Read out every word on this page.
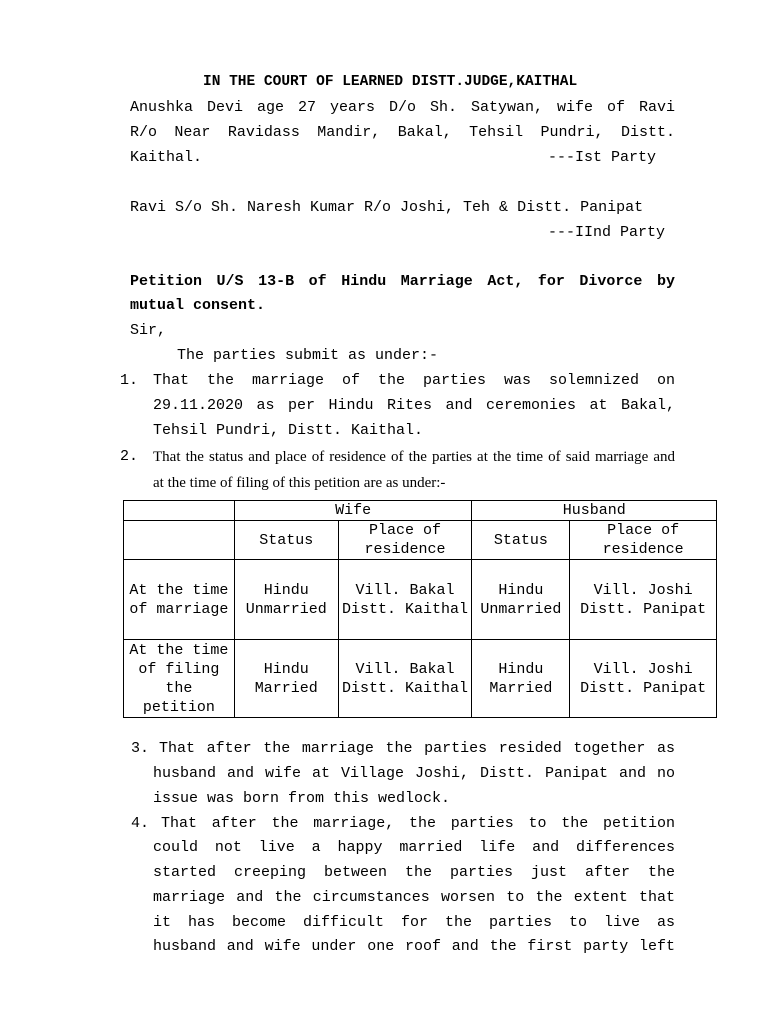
IN THE COURT OF LEARNED DISTT.JUDGE,KAITHAL
Anushka Devi age 27 years D/o Sh. Satywan, wife of Ravi
R/o Near Ravidass Mandir, Bakal, Tehsil Pundri, Distt.
Kaithal.	---Ist Party
Ravi S/o Sh. Naresh Kumar R/o Joshi, Teh & Distt. Panipat
---IInd Party
Petition U/S 13-B of Hindu Marriage Act, for Divorce by
mutual consent.
Sir,
The parties submit as under:-
1. That the marriage of the parties was solemnized on
29.11.2020 as per Hindu Rites and ceremonies at Bakal,
Tehsil Pundri, Distt. Kaithal.
2. That the status and place of residence of the parties at the time of said marriage and
at the time of filing of this petition are as under:-
	Wife		Husband	
	Status	Place of residence	Status	Place of residence
At the time of marriage	Hindu Unmarried	Vill. Bakal Distt. Kaithal	Hindu Unmarried	Vill. Joshi Distt. Panipat
At the time of filing the petition	Hindu Married	Vill. Bakal Distt. Kaithal	Hindu Married	Vill. Joshi Distt. Panipat
3. That after the marriage the parties resided together as
husband and wife at Village Joshi, Distt. Panipat and no
issue was born from this wedlock.
4. That after the marriage, the parties to the petition
could not live a happy married life and differences
started creeping between the parties just after the
marriage and the circumstances worsen to the extent that
it has become difficult for the parties to live as
husband and wife under one roof and the first party left
